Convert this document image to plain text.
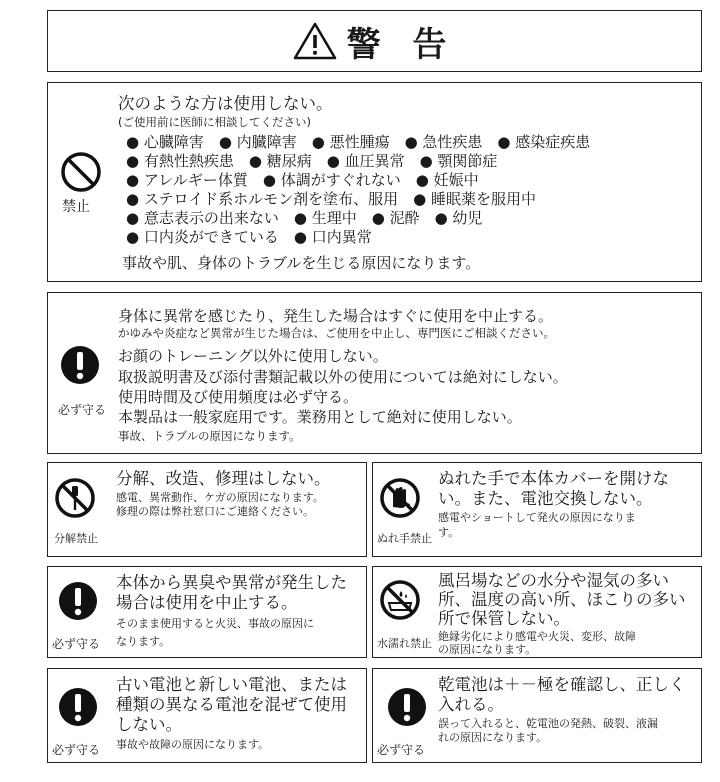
警 告
禁止
次のような方は使用しない。
(ご使用前に医師に相談してください)
● 心臓障害　● 内臓障害　● 悪性腫瘍　● 急性疾患　● 感染症疾患
● 有熱性熱疾患　● 糖尿病　● 血圧異常　● 顎関節症
● アレルギー体質　● 体調がすぐれない　● 妊娠中
● ステロイド系ホルモン剤を塗布、服用　● 睡眠薬を服用中
● 意志表示の出来ない　● 生理中　● 泥酔　● 幼児
● 口内炎ができている　● 口内異常
事故や肌、身体のトラブルを生じる原因になります。
必ず守る
身体に異常を感じたり、発生した場合はすぐに使用を中止する。
かゆみや炎症など異常が生じた場合は、ご使用を中止し、専門医にご相談ください。
お顔のトレーニング以外に使用しない。
取扱説明書及び添付書類記載以外の使用については絶対にしない。
使用時間及び使用頻度は必ず守る。
本製品は一般家庭用です。業務用として絶対に使用しない。
事故、トラブルの原因になります。
分解禁止
分解、改造、修理はしない。
感電、異常動作、ケガの原因になります。
修理の際は弊社窓口にご連絡ください。
ぬれ手禁止
ぬれた手で本体カバーを開けな
い。また、電池交換しない。
感電やショートして発火の原因になりま
す。
必ず守る
本体から異臭や異常が発生した
場合は使用を中止する。
そのまま使用すると火災、事故の原因に
なります。	水濡れ禁止
風呂場などの水分や湿気の多い
所、温度の高い所、ほこりの多い
所で保管しない。
絶縁劣化により感電や火災、変形、故障
の原因になります。
必ず守る
古い電池と新しい電池、または
種類の異なる電池を混ぜて使用
しない。
事故や故障の原因になります。	必ず守る
乾電池は＋－極を確認し、正しく
入れる。
誤って入れると、乾電池の発熱、破裂、液漏
れの原因になります。
